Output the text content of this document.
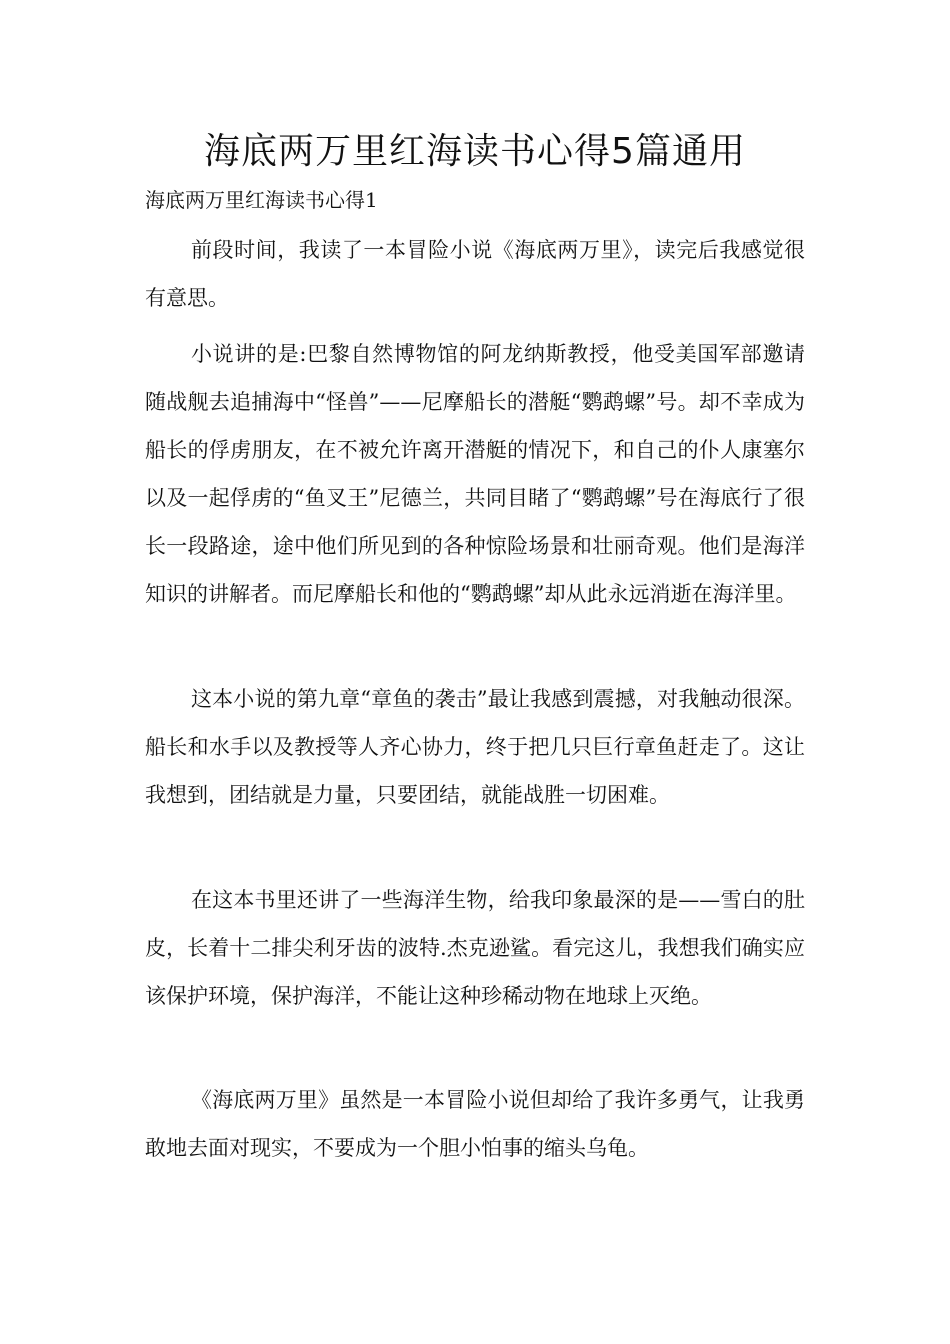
海底两万里红海读书心得5篇通用
海底两万里红海读书心得1

前段时间，我读了一本冒险小说《海底两万里》，读完后我感觉很有意思。

小说讲的是:巴黎自然博物馆的阿龙纳斯教授，他受美国军部邀请随战舰去追捕海中“怪兽”——尼摩船长的潜艇“鹦鹉螺”号。却不幸成为船长的俘虏朋友，在不被允许离开潜艇的情况下，和自己的仆人康塞尔以及一起俘虏的“鱼叉王”尼德兰，共同目睹了“鹦鹉螺”号在海底行了很长一段路途，途中他们所见到的各种惊险场景和壮丽奇观。他们是海洋知识的讲解者。而尼摩船长和他的“鹦鹉螺”却从此永远消逝在海洋里。

这本小说的第九章“章鱼的袭击”最让我感到震撼，对我触动很深。船长和水手以及教授等人齐心协力，终于把几只巨行章鱼赶走了。这让我想到，团结就是力量，只要团结，就能战胜一切困难。

在这本书里还讲了一些海洋生物，给我印象最深的是——雪白的肚皮，长着十二排尖利牙齿的波特.杰克逊鲨。看完这儿，我想我们确实应该保护环境，保护海洋，不能让这种珍稀动物在地球上灭绝。

《海底两万里》虽然是一本冒险小说但却给了我许多勇气，让我勇敢地去面对现实，不要成为一个胆小怕事的缩头乌龟。
